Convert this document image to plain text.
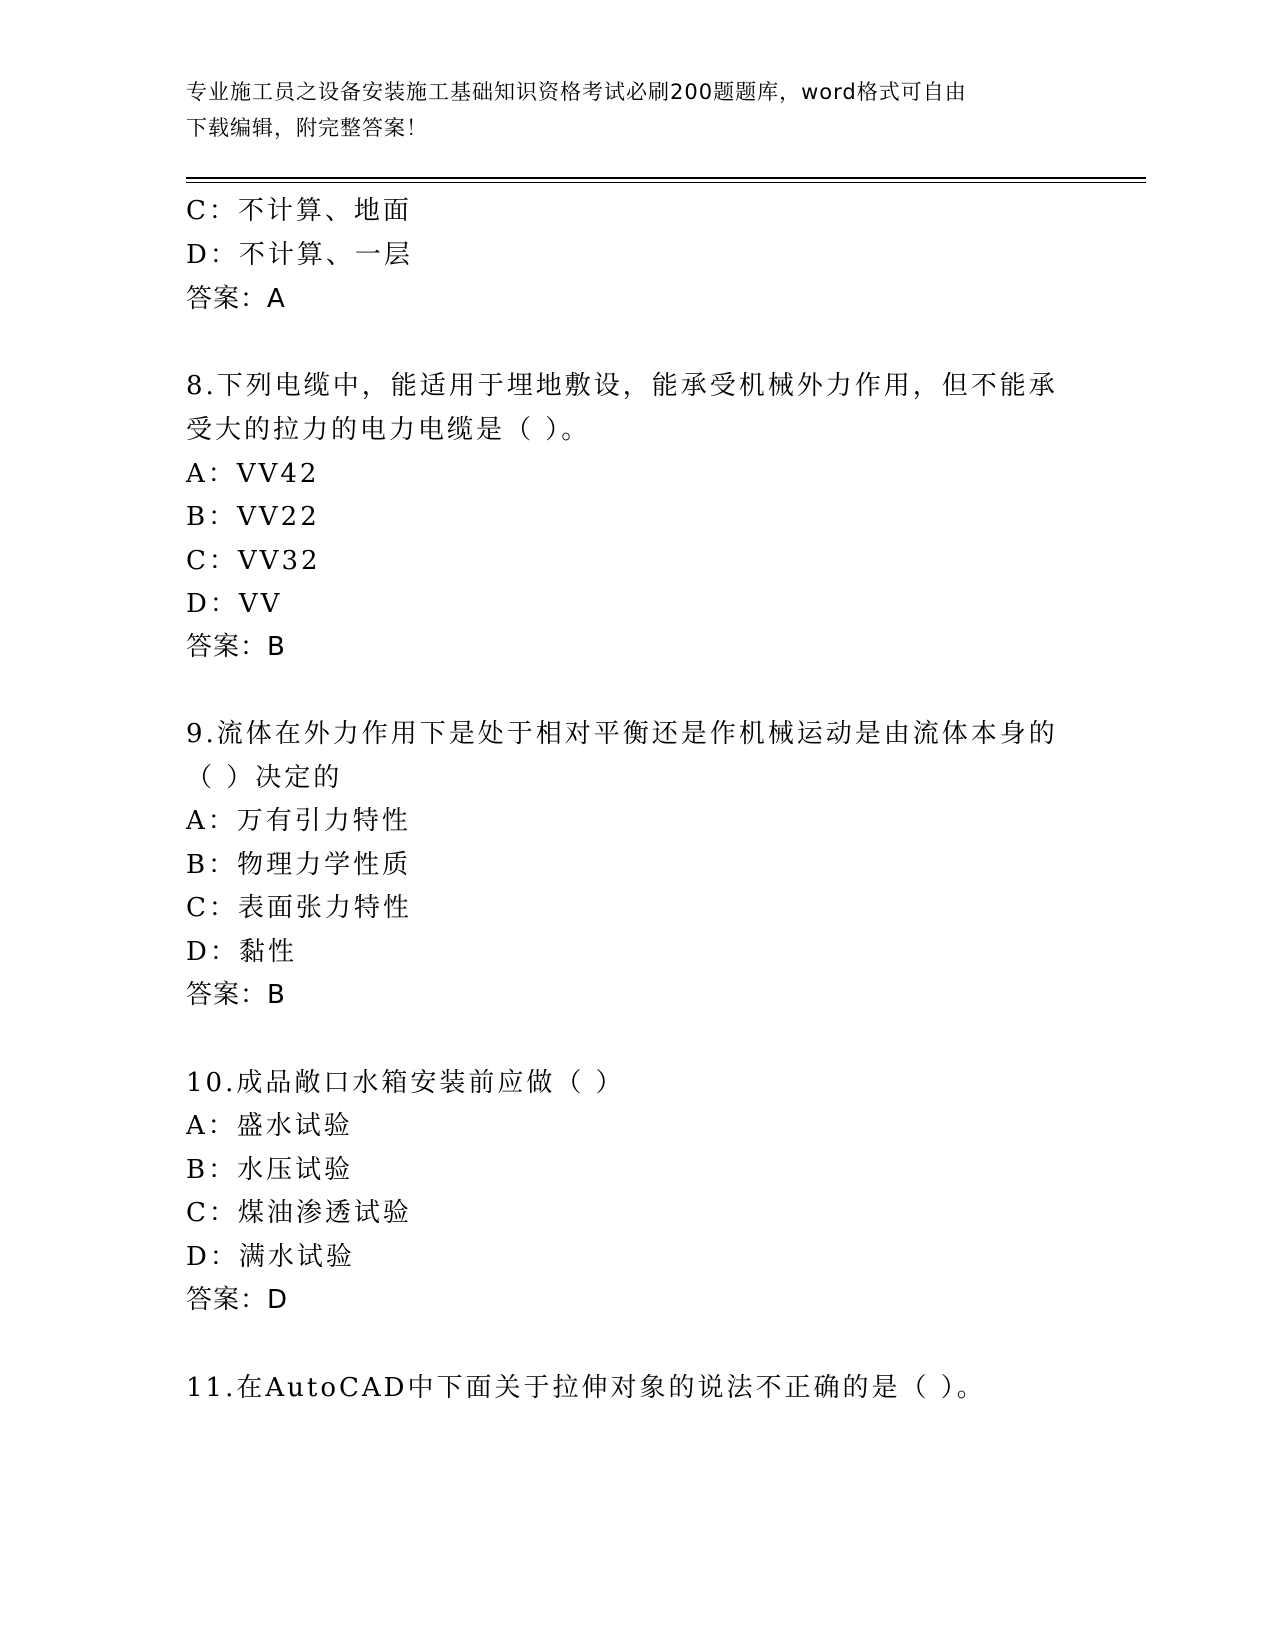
专业施工员之设备安装施工基础知识资格考试必刷200题题库，word格式可自由
下载编辑，附完整答案！
C：不计算、地面
D：不计算、一层
答案：A
8.下列电缆中，能适用于埋地敷设，能承受机械外力作用，但不能承
受大的拉力的电力电缆是（ ）。
A：VV42
B：VV22
C：VV32
D：VV
答案：B
9.流体在外力作用下是处于相对平衡还是作机械运动是由流体本身的
（ ）决定的
A：万有引力特性
B：物理力学性质
C：表面张力特性
D：黏性
答案：B
10.成品敞口水箱安装前应做（ ）
A：盛水试验
B：水压试验
C：煤油渗透试验
D：满水试验
答案：D
11.在AutoCAD中下面关于拉伸对象的说法不正确的是（ ）。
